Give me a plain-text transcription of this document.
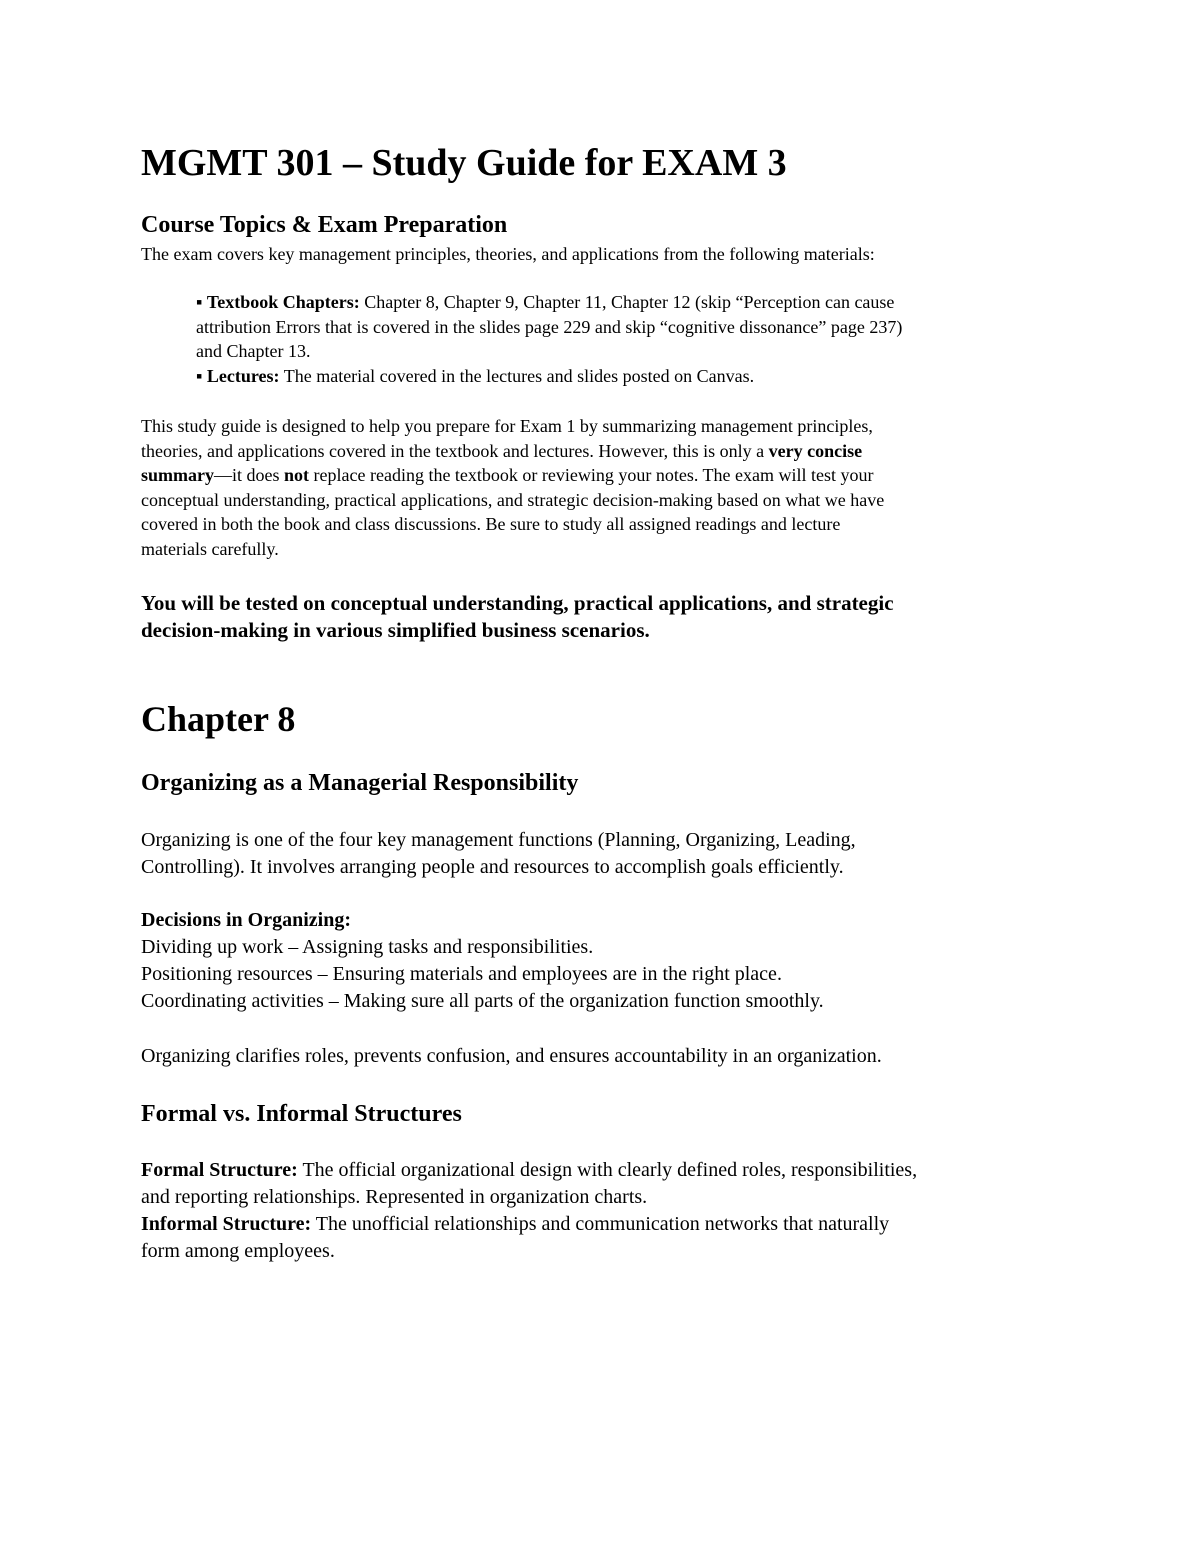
MGMT 301 – Study Guide for EXAM 3
Course Topics & Exam Preparation

The exam covers key management principles, theories, and applications from the following materials:

▪ Textbook Chapters: Chapter 8, Chapter 9, Chapter 11, Chapter 12 (skip “Perception can cause
attribution Errors that is covered in the slides page 229 and skip “cognitive dissonance” page 237)
and Chapter 13.
▪ Lectures: The material covered in the lectures and slides posted on Canvas.
This study guide is designed to help you prepare for Exam 1 by summarizing management principles,
theories, and applications covered in the textbook and lectures. However, this is only a very concise
summary—it does not replace reading the textbook or reviewing your notes. The exam will test your
conceptual understanding, practical applications, and strategic decision-making based on what we have
covered in both the book and class discussions. Be sure to study all assigned readings and lecture
materials carefully.

You will be tested on conceptual understanding, practical applications, and strategic
decision-making in various simplified business scenarios.

Chapter 8
Organizing as a Managerial Responsibility

Organizing is one of the four key management functions (Planning, Organizing, Leading,
Controlling). It involves arranging people and resources to accomplish goals efficiently.

Decisions in Organizing:
Dividing up work – Assigning tasks and responsibilities.
Positioning resources – Ensuring materials and employees are in the right place.
Coordinating activities – Making sure all parts of the organization function smoothly.

Organizing clarifies roles, prevents confusion, and ensures accountability in an organization.

Formal vs. Informal Structures
Formal Structure: The official organizational design with clearly defined roles, responsibilities,
and reporting relationships. Represented in organization charts.
Informal Structure: The unofficial relationships and communication networks that naturally
form among employees.
